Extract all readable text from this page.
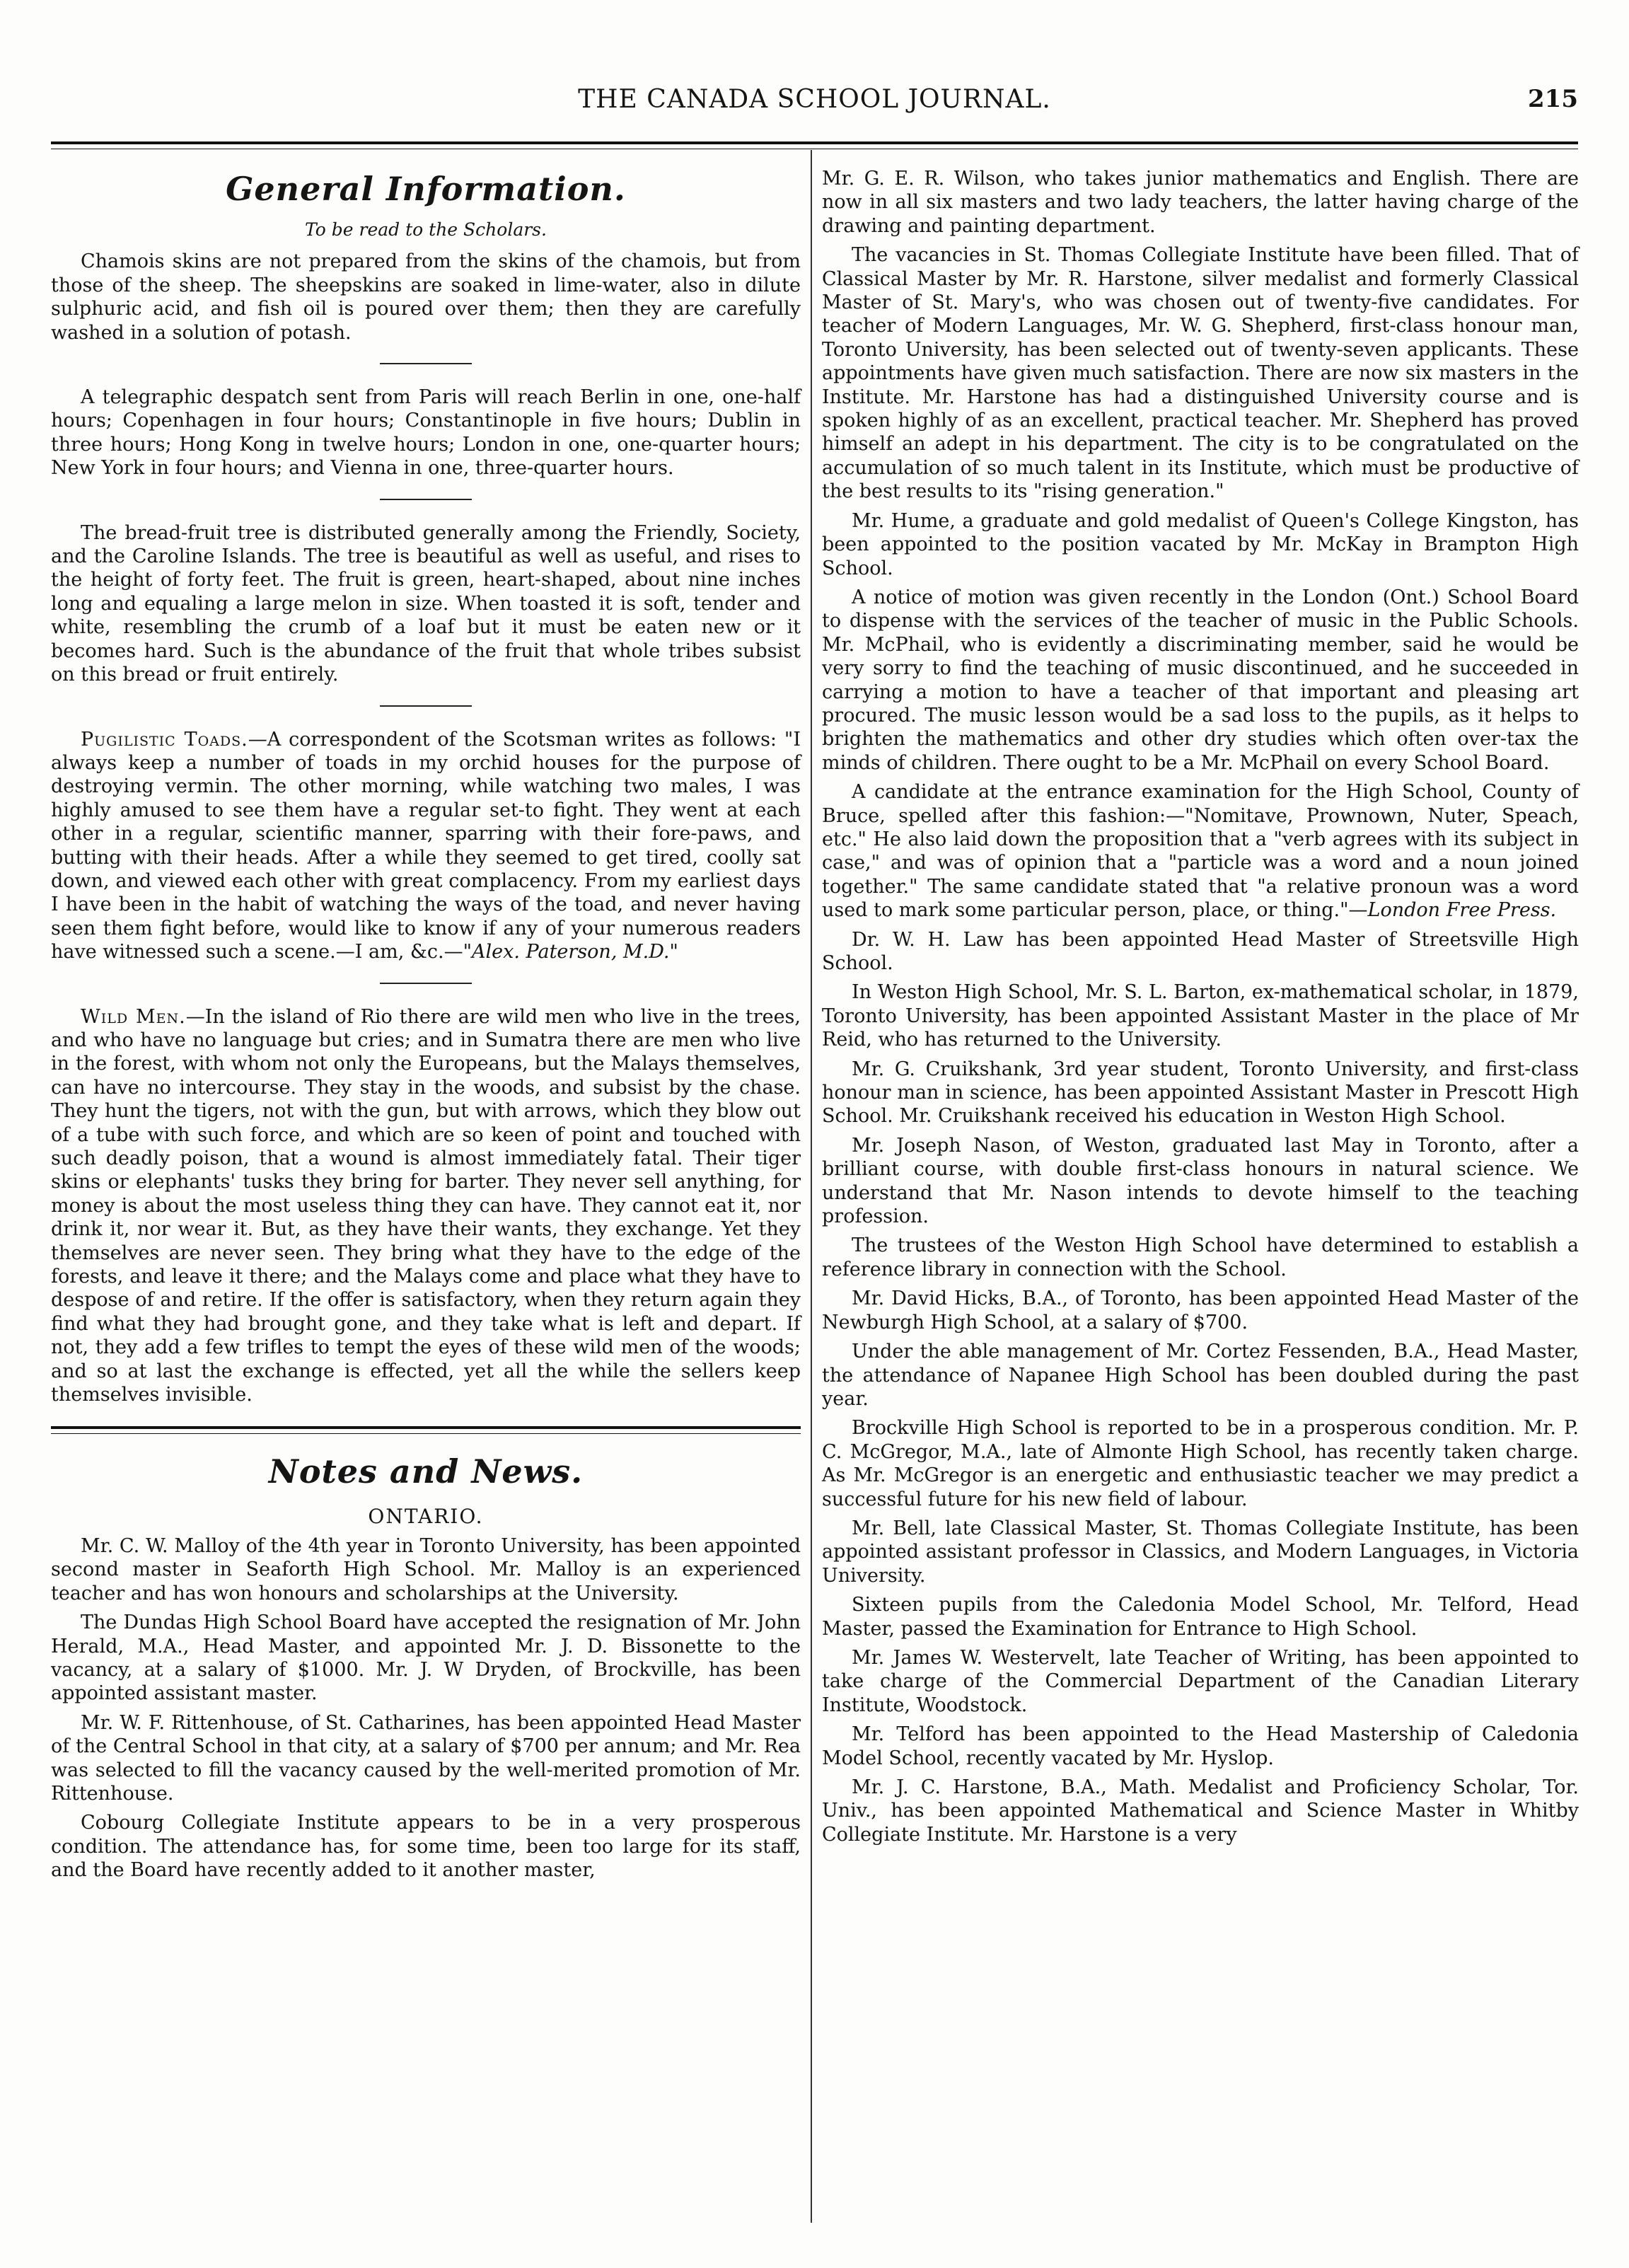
THE CANADA SCHOOL JOURNAL.	215
General Information.
To be read to the Scholars.

Chamois skins are not prepared from the skins of the chamois, but from those of the sheep. The sheepskins are soaked in lime-water, also in dilute sulphuric acid, and fish oil is poured over them; then they are carefully washed in a solution of potash.

A telegraphic despatch sent from Paris will reach Berlin in one, one-half hours; Copenhagen in four hours; Constantinople in five hours; Dublin in three hours; Hong Kong in twelve hours; London in one, one-quarter hours; New York in four hours; and Vienna in one, three-quarter hours.

The bread-fruit tree is distributed generally among the Friendly, Society, and the Caroline Islands. The tree is beautiful as well as useful, and rises to the height of forty feet. The fruit is green, heart-shaped, about nine inches long and equaling a large melon in size. When toasted it is soft, tender and white, resembling the crumb of a loaf but it must be eaten new or it becomes hard. Such is the abundance of the fruit that whole tribes subsist on this bread or fruit entirely.

Pugilistic Toads.—A correspondent of the Scotsman writes as follows: "I always keep a number of toads in my orchid houses for the purpose of destroying vermin. The other morning, while watching two males, I was highly amused to see them have a regular set-to fight. They went at each other in a regular, scientific manner, sparring with their fore-paws, and butting with their heads. After a while they seemed to get tired, coolly sat down, and viewed each other with great complacency. From my earliest days I have been in the habit of watching the ways of the toad, and never having seen them fight before, would like to know if any of your numerous readers have witnessed such a scene.—I am, &c.—"Alex. Paterson, M.D."

Wild Men.—In the island of Rio there are wild men who live in the trees, and who have no language but cries; and in Sumatra there are men who live in the forest, with whom not only the Europeans, but the Malays themselves, can have no intercourse. They stay in the woods, and subsist by the chase. They hunt the tigers, not with the gun, but with arrows, which they blow out of a tube with such force, and which are so keen of point and touched with such deadly poison, that a wound is almost immediately fatal. Their tiger skins or elephants' tusks they bring for barter. They never sell anything, for money is about the most useless thing they can have. They cannot eat it, nor drink it, nor wear it. But, as they have their wants, they exchange. Yet they themselves are never seen. They bring what they have to the edge of the forests, and leave it there; and the Malays come and place what they have to despose of and retire. If the offer is satisfactory, when they return again they find what they had brought gone, and they take what is left and depart. If not, they add a few trifles to tempt the eyes of these wild men of the woods; and so at last the exchange is effected, yet all the while the sellers keep themselves invisible.

Notes and News.
ONTARIO.

Mr. C. W. Malloy of the 4th year in Toronto University, has been appointed second master in Seaforth High School. Mr. Malloy is an experienced teacher and has won honours and scholarships at the University.

The Dundas High School Board have accepted the resignation of Mr. John Herald, M.A., Head Master, and appointed Mr. J. D. Bissonette to the vacancy, at a salary of $1000. Mr. J. W Dryden, of Brockville, has been appointed assistant master.

Mr. W. F. Rittenhouse, of St. Catharines, has been appointed Head Master of the Central School in that city, at a salary of $700 per annum; and Mr. Rea was selected to fill the vacancy caused by the well-merited promotion of Mr. Rittenhouse.

Cobourg Collegiate Institute appears to be in a very prosperous condition. The attendance has, for some time, been too large for its staff, and the Board have recently added to it another master,

Mr. G. E. R. Wilson, who takes junior mathematics and English. There are now in all six masters and two lady teachers, the latter having charge of the drawing and painting department.

The vacancies in St. Thomas Collegiate Institute have been filled. That of Classical Master by Mr. R. Harstone, silver medalist and formerly Classical Master of St. Mary's, who was chosen out of twenty-five candidates. For teacher of Modern Languages, Mr. W. G. Shepherd, first-class honour man, Toronto University, has been selected out of twenty-seven applicants. These appointments have given much satisfaction. There are now six masters in the Institute. Mr. Harstone has had a distinguished University course and is spoken highly of as an excellent, practical teacher. Mr. Shepherd has proved himself an adept in his department. The city is to be congratulated on the accumulation of so much talent in its Institute, which must be productive of the best results to its "rising generation."

Mr. Hume, a graduate and gold medalist of Queen's College Kingston, has been appointed to the position vacated by Mr. McKay in Brampton High School.

A notice of motion was given recently in the London (Ont.) School Board to dispense with the services of the teacher of music in the Public Schools. Mr. McPhail, who is evidently a discriminating member, said he would be very sorry to find the teaching of music discontinued, and he succeeded in carrying a motion to have a teacher of that important and pleasing art procured. The music lesson would be a sad loss to the pupils, as it helps to brighten the mathematics and other dry studies which often over-tax the minds of children. There ought to be a Mr. McPhail on every School Board.

A candidate at the entrance examination for the High School, County of Bruce, spelled after this fashion:—"Nomitave, Prownown, Nuter, Speach, etc." He also laid down the proposition that a "verb agrees with its subject in case," and was of opinion that a "particle was a word and a noun joined together." The same candidate stated that "a relative pronoun was a word used to mark some particular person, place, or thing."—London Free Press.

Dr. W. H. Law has been appointed Head Master of Streetsville High School.

In Weston High School, Mr. S. L. Barton, ex-mathematical scholar, in 1879, Toronto University, has been appointed Assistant Master in the place of Mr Reid, who has returned to the University.

Mr. G. Cruikshank, 3rd year student, Toronto University, and first-class honour man in science, has been appointed Assistant Master in Prescott High School. Mr. Cruikshank received his education in Weston High School.

Mr. Joseph Nason, of Weston, graduated last May in Toronto, after a brilliant course, with double first-class honours in natural science. We understand that Mr. Nason intends to devote himself to the teaching profession.

The trustees of the Weston High School have determined to establish a reference library in connection with the School.

Mr. David Hicks, B.A., of Toronto, has been appointed Head Master of the Newburgh High School, at a salary of $700.

Under the able management of Mr. Cortez Fessenden, B.A., Head Master, the attendance of Napanee High School has been doubled during the past year.

Brockville High School is reported to be in a prosperous condition. Mr. P. C. McGregor, M.A., late of Almonte High School, has recently taken charge. As Mr. McGregor is an energetic and enthusiastic teacher we may predict a successful future for his new field of labour.

Mr. Bell, late Classical Master, St. Thomas Collegiate Institute, has been appointed assistant professor in Classics, and Modern Languages, in Victoria University.

Sixteen pupils from the Caledonia Model School, Mr. Telford, Head Master, passed the Examination for Entrance to High School.

Mr. James W. Westervelt, late Teacher of Writing, has been appointed to take charge of the Commercial Department of the Canadian Literary Institute, Woodstock.

Mr. Telford has been appointed to the Head Mastership of Caledonia Model School, recently vacated by Mr. Hyslop.

Mr. J. C. Harstone, B.A., Math. Medalist and Proficiency Scholar, Tor. Univ., has been appointed Mathematical and Science Master in Whitby Collegiate Institute. Mr. Harstone is a very
